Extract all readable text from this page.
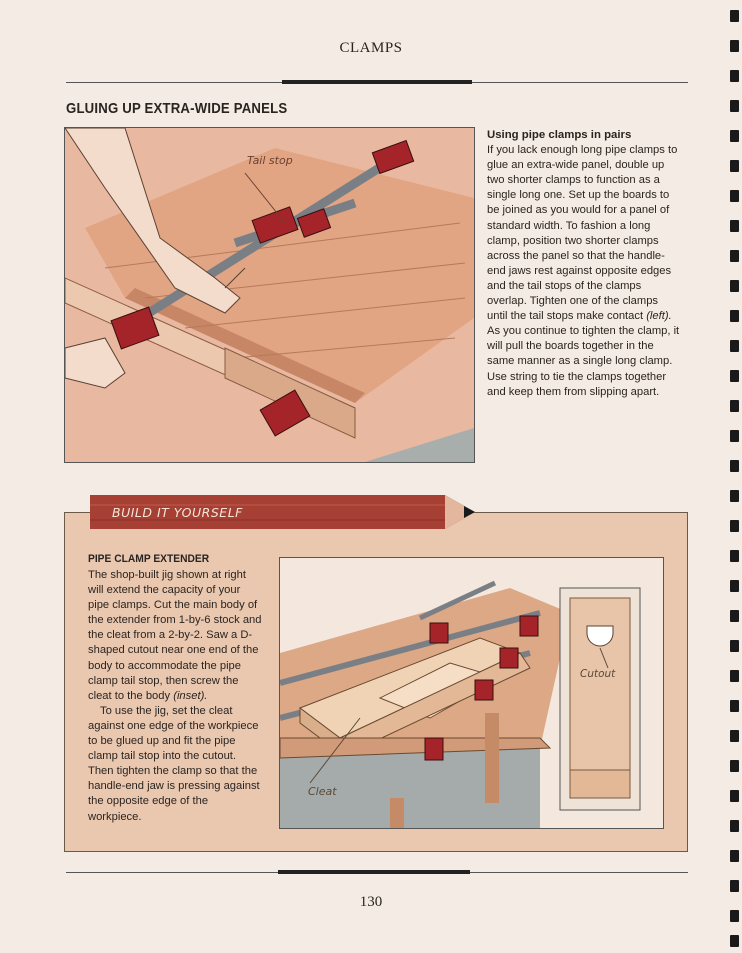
CLAMPS
GLUING UP EXTRA-WIDE PANELS
Tail stop
Using pipe clamps in pairs
If you lack enough long pipe clamps to glue an extra-wide panel, double up two shorter clamps to function as a single long one. Set up the boards to be joined as you would for a panel of standard width. To fashion a long clamp, position two shorter clamps across the panel so that the handle-end jaws rest against opposite edges and the tail stops of the clamps overlap. Tighten one of the clamps until the tail stops make contact (left). As you continue to tighten the clamp, it will pull the boards together in the same manner as a single long clamp. Use string to tie the clamps together and keep them from slipping apart.
BUILD IT YOURSELF
PIPE CLAMP EXTENDER

The shop-built jig shown at right will extend the capacity of your pipe clamps. Cut the main body of the extender from 1-by-6 stock and the cleat from a 2-by-2. Saw a D-shaped cutout near one end of the body to accommodate the pipe clamp tail stop, then screw the cleat to the body (inset).

To use the jig, set the cleat against one edge of the workpiece to be glued up and fit the pipe clamp tail stop into the cutout. Then tighten the clamp so that the handle-end jaw is pressing against the opposite edge of the workpiece.

Cleat
Cutout
130
